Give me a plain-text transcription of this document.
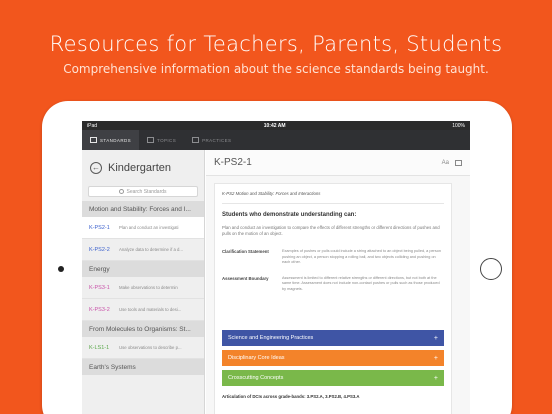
Resources for Teachers, Parents, Students
Comprehensive information about the science standards being taught.
iPad	10:42 AM	100%
STANDARDS	TOPICS	PRACTICES
← Kindergarten
Search Standards
Motion and Stability: Forces and I...
K-PS2-1 Plan and conduct an investigati
K-PS2-2 Analyze data to determine if a d...
Energy
K-PS3-1 Make observations to determin
K-PS3-2 Use tools and materials to desi...
From Molecules to Organisms: St...
K-LS1-1	Use observations to describe p...
Earth's Systems
K-PS2-1	Aa
K-PS2 Motion and Stability: Forces and Interactions
Students who demonstrate understanding can:
Plan and conduct an investigation to compare the effects of different strengths or different directions of pushes and pulls on the motion of an object.
Clarification Statement	Examples of pushes or pulls could include a string attached to an object being pulled, a person pushing an object, a person stopping a rolling ball, and two objects colliding and pushing on each other.
Assessment Boundary	Assessment is limited to different relative strengths or different directions, but not both at the same time. Assessment does not include non-contact pushes or pulls such as those produced by magnets.
Science and Engineering Practices	+
Disciplinary Core Ideas	+
Crosscutting Concepts	+
Articulation of DCIs across grade-bands: 3.PS2.A, 3.PS2.B, 4.PS3.A
